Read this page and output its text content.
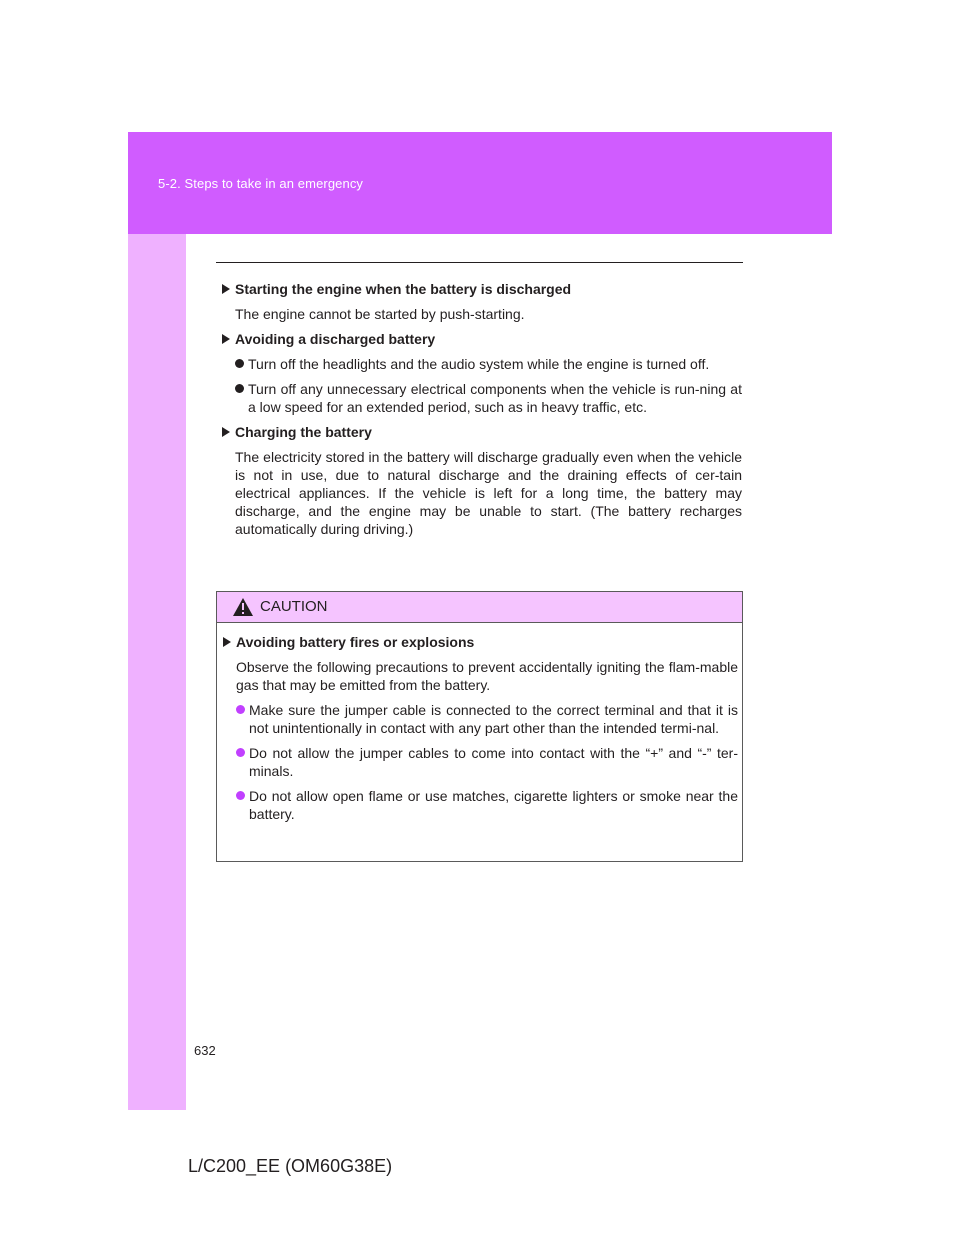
5-2. Steps to take in an emergency
Starting the engine when the battery is discharged
The engine cannot be started by push-starting.
Avoiding a discharged battery
Turn off the headlights and the audio system while the engine is turned off.
Turn off any unnecessary electrical components when the vehicle is run-ning at a low speed for an extended period, such as in heavy traffic, etc.
Charging the battery
The electricity stored in the battery will discharge gradually even when the vehicle is not in use, due to natural discharge and the draining effects of cer-tain electrical appliances. If the vehicle is left for a long time, the battery may discharge, and the engine may be unable to start. (The battery recharges automatically during driving.)
CAUTION
Avoiding battery fires or explosions
Observe the following precautions to prevent accidentally igniting the flam-mable gas that may be emitted from the battery.
Make sure the jumper cable is connected to the correct terminal and that it is not unintentionally in contact with any part other than the intended termi-nal.
Do not allow the jumper cables to come into contact with the “+” and “-” ter-minals.
Do not allow open flame or use matches, cigarette lighters or smoke near the battery.
632
L/C200_EE (OM60G38E)
